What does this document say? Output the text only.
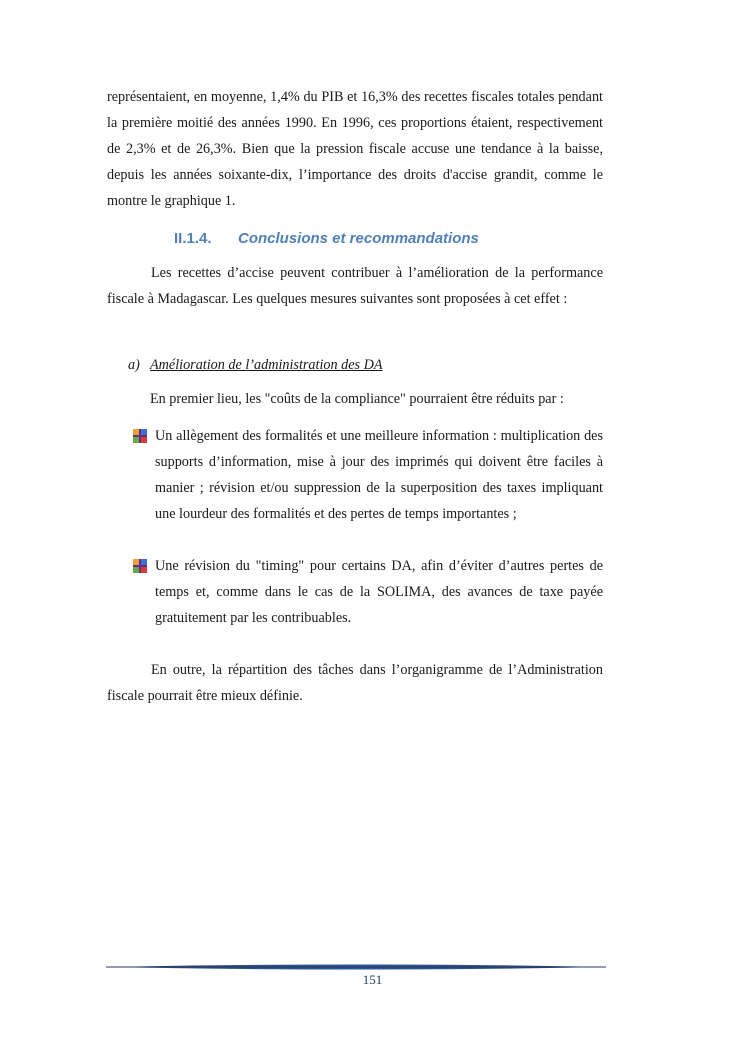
représentaient, en moyenne, 1,4% du PIB et 16,3% des recettes fiscales totales pendant la première moitié des années 1990. En 1996, ces proportions étaient, respectivement de 2,3% et de 26,3%. Bien que la pression fiscale accuse une tendance à la baisse, depuis les années soixante-dix, l’importance des droits d'accise grandit, comme le montre le graphique 1.

II.1.4. Conclusions et recommandations

Les recettes d’accise peuvent contribuer à l’amélioration de la performance fiscale à Madagascar. Les quelques mesures suivantes sont proposées à cet effet :

a) Amélioration de l’administration des DA
En premier lieu, les "coûts de la compliance" pourraient être réduits par :

Un allègement des formalités et une meilleure information : multiplication des supports d’information, mise à jour des imprimés qui doivent être faciles à manier ; révision et/ou suppression de la superposition des taxes impliquant une lourdeur des formalités et des pertes de temps importantes ;

Une révision du "timing" pour certains DA, afin d’éviter d’autres pertes de temps et, comme dans le cas de la SOLIMA, des avances de taxe payée gratuitement par les contribuables.

En outre, la répartition des tâches dans l’organigramme de l’Administration fiscale pourrait être mieux définie.

151
